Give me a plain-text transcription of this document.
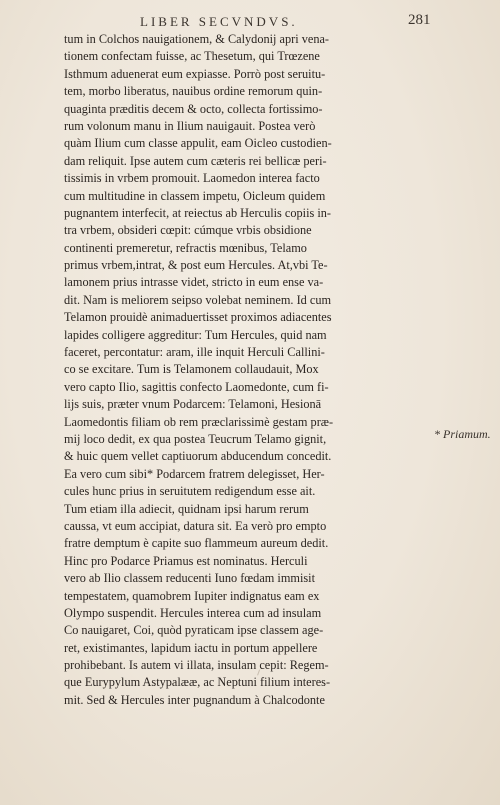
LIBER SECVNDVS.	281
tum in Colchos nauigationem, & Calydonij apri vena-
tionem confectam fuisse, ac Thesetum, qui Trœzene
Isthmum aduenerat eum expiasse. Porrò post seruitu-
tem, morbo liberatus, nauibus ordine remorum quin-
quaginta præditis decem & octo, collecta fortissimo-
rum volonum manu in Ilium nauigauit. Postea verò
quàm Ilium cum classe appulit, eam Oicleo custodien-
dam reliquit. Ipse autem cum cæteris rei bellicæ peri-
tissimis in vrbem promouit. Laomedon interea facto
cum multitudine in classem impetu, Oicleum quidem
pugnantem interfecit, at reiectus ab Herculis copiis in-
tra vrbem, obsideri cœpit: cúmque vrbis obsidione
continenti premeretur, refractis mœnibus, Telamo
primus vrbem,intrat, & post eum Hercules. At,vbi Te-
lamonem prius intrasse videt, stricto in eum ense va-
dit. Nam is meliorem seipso volebat neminem. Id cum
Telamon prouidè animaduertisset proximos adiacentes
lapides colligere aggreditur: Tum Hercules, quid nam
faceret, percontatur: aram, ille inquit Herculi Callini-
co se excitare. Tum is Telamonem collaudauit, Mox
vero capto Ilio, sagittis confecto Laomedonte, cum fi-
lijs suis, præter vnum Podarcem: Telamoni, Hesionā
Laomedontis filiam ob rem præclarissimè gestam præ-
mij loco dedit, ex qua postea Teucrum Telamo gignit,
& huic quem vellet captiuorum abducendum concedit.
Ea vero cum sibi* Podarcem fratrem delegisset, Her-
cules hunc prius in seruitutem redigendum esse ait.
Tum etiam illa adiecit, quidnam ipsi harum rerum
caussa, vt eum accipiat, datura sit. Ea verò pro empto
fratre demptum è capite suo flammeum aureum dedit.
Hinc pro Podarce Priamus est nominatus. Herculi
vero ab Ilio classem reducenti Iuno fœdam immisit
tempestatem, quamobrem Iupiter indignatus eam ex
Olympo suspendit. Hercules interea cum ad insulam
Co nauigaret, Coi, quòd pyraticam ipse classem age-
ret, existimantes, lapidum iactu in portum appellere
prohibebant. Is autem vi illata, insulam cepit: Regem-
que Eurypylum Astypalææ, ac Neptuni filium interes-
mit. Sed & Hercules inter pugnandum à Chalcodonte
* Priamum.
